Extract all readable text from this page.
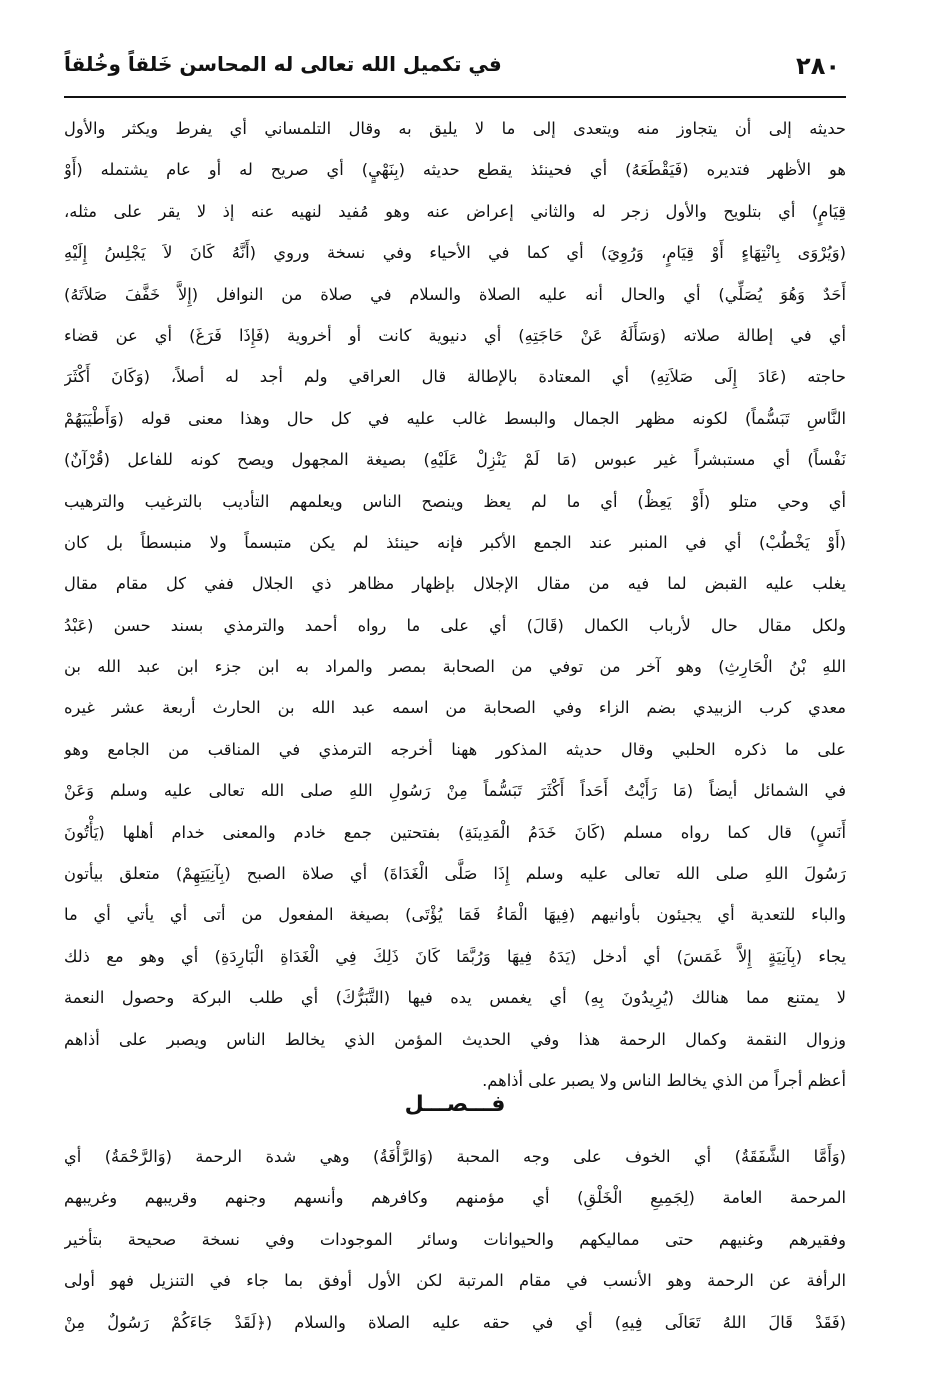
٢٨٠
في تكميل الله تعالى له المحاسن خَلقاً وخُلقاً
حديثه إلى أن يتجاوز منه ويتعدى إلى ما لا يليق به وقال التلمساني أي يفرط ويكثر والأول
هو الأظهر فتديره (فَيَقْطَعَهُ) أي فحينئذ يقطع حديثه (بِنَهْيٍ) أي صريح له أو عام يشتمله (أَوْ
قِيَامٍ) أي بتلويح والأول زجر له والثاني إعراض عنه وهو مُفيد لنهيه عنه إذ لا يقر على مثله،
(وَيُرْوَى بِانْتِهَاءٍ أَوْ قِيَامٍ، وَرُوِيَ) أي كما في الأحياء وفي نسخة وروي (أَنَّهُ كَانَ لاَ يَجْلِسُ إِلَيْهِ
أَحَدٌ وَهُوَ يُصَلِّي) أي والحال أنه عليه الصلاة والسلام في صلاة من النوافل (إِلاَّ خَفَّفَ صَلاَتَهُ)
أي في إطالة صلاته (وَسَأَلَهُ عَنْ حَاجَتِهِ) أي دنيوية كانت أو أخروية (فَإِذَا فَرَغَ) أي عن قضاء
حاجته (عَادَ إِلَى صَلاَتِهِ) أي المعتادة بالإطالة قال العراقي ولم أجد له أصلاً، (وَكَانَ أَكْثَرَ
النَّاسِ تَبَسُّماً) لكونه مظهر الجمال والبسط غالب عليه في كل حال وهذا معنى قوله (وَأَطْيَبَهُمْ
نَفْساً) أي مستبشراً غير عبوس (مَا لَمْ يَنْزِلْ عَلَيْهِ) بصيغة المجهول ويصح كونه للفاعل (قُرْآنٌ)
أي وحي متلو (أَوْ يَعِظْ) أي ما لم يعظ وينصح الناس ويعلمهم التأديب بالترغيب والترهيب
(أَوْ يَخْطُبْ) أي في المنبر عند الجمع الأكبر فإنه حينئذ لم يكن متبسماً ولا منبسطاً بل كان
يغلب عليه القبض لما فيه من مقال الإجلال بإظهار مظاهر ذي الجلال ففي كل مقام مقال
ولكل مقال حال لأرباب الكمال (قَالَ) أي على ما رواه أحمد والترمذي بسند حسن (عَبْدُ
اللهِ بْنُ الْحَارِثِ) وهو آخر من توفي من الصحابة بمصر والمراد به ابن جزء ابن عبد الله بن
معدي كرب الزبيدي بضم الزاء وفي الصحابة من اسمه عبد الله بن الحارث أربعة عشر غيره
على ما ذكره الحلبي وقال حديثه المذكور ههنا أخرجه الترمذي في المناقب من الجامع وهو
في الشمائل أيضاً (مَا رَأَيْتُ أَحَداً أَكْثَرَ تَبَسُّماً مِنْ رَسُولِ اللهِ صلى الله تعالى عليه وسلم وَعَنْ
أَنَسٍ) قال كما رواه مسلم (كَانَ خَدَمُ الْمَدِينَةِ) بفتحتين جمع خادم والمعنى خدام أهلها (يَأْتُونَ
رَسُولَ اللهِ صلى الله تعالى عليه وسلم إِذَا صَلَّى الْغَدَاةَ) أي صلاة الصبح (بِآنِيَتِهِمْ) متعلق بيأتون
والباء للتعدية أي يجيئون بأوانيهم (فِيهَا الْمَاءُ فَمَا يُؤْتَى) بصيغة المفعول من أتى أي يأتي أي ما
يجاء (بِآنِيَةٍ إِلاَّ غَمَسَ) أي أدخل (يَدَهُ فِيهَا وَرُبَّمَا كَانَ ذَلِكَ فِي الْغَدَاةِ الْبَارِدَةِ) أي وهو مع ذلك
لا يمتنع مما هنالك (يُرِيدُونَ بِهِ) أي يغمس يده فيها (التَّبَرُّكَ) أي طلب البركة وحصول النعمة
وزوال النقمة وكمال الرحمة هذا وفي الحديث المؤمن الذي يخالط الناس ويصبر على أذاهم
أعظم أجراً من الذي يخالط الناس ولا يصبر على أذاهم.
فـــصـــل
(وَأَمَّا الشَّفَقَةُ) أي الخوف على وجه المحبة (وَالرَّأْفَةُ) وهي شدة الرحمة (وَالرَّحْمَةُ) أي
المرحمة العامة (لِجَمِيعِ الْخَلْقِ) أي مؤمنهم وكافرهم وأنسهم وجنهم وقريبهم وغريبهم
وفقيرهم وغنيهم حتى مماليكهم والحيوانات وسائر الموجودات وفي نسخة صحيحة بتأخير
الرأفة عن الرحمة وهو الأنسب في مقام المرتبة لكن الأول أوفق بما جاء في التنزيل فهو أولى
(فَقَدْ قَالَ اللهُ تَعَالَى فِيهِ) أي في حقه عليه الصلاة والسلام (﴿لَقَدْ جَاءَكُمْ رَسُولٌ مِنْ
